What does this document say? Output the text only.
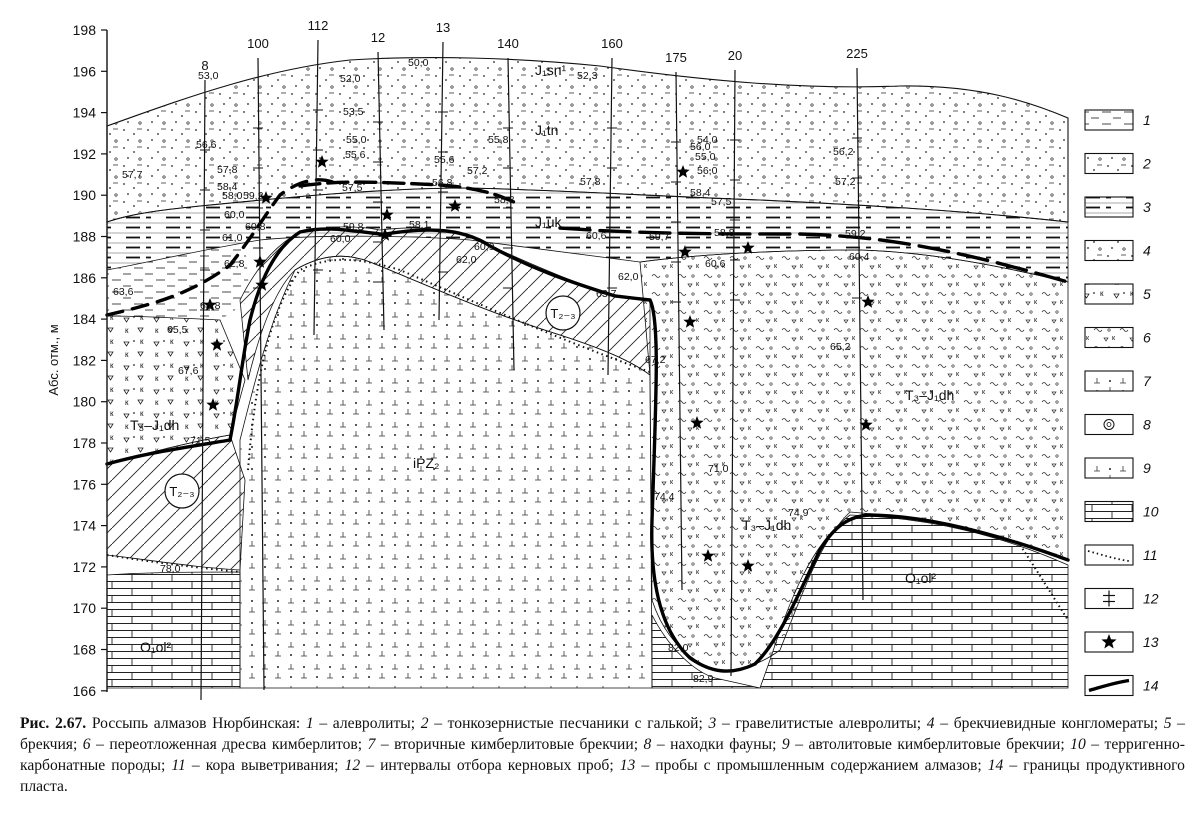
8
100
112
12
13
140	160
175	20	225
198
196
194
192
190
188
186
184
182
180
178
176
174
172
170
168
166
Абс. отм., м
J₁sn¹
J₁tn
J₁uk
iPZ₂
T₃–J₁dh
T₃–J₁dh
T₃–J₁dh
O₁ol²
O₁ol²
T₂₋₃
T₂₋₃
53,0	52,0
50,0
52,3
53,5
55,0	54,0
56,6
55,6	55,6
55,8
56,0
55,0	56,2
57,7	57,8
58,0
57,2
57,8
56,0
58,4	57,5	56,8	57,2
58,4
59,2	58,8	57,5
60,0
59,8	58,1
60,6	59,7	58,8	59,2
61,0
60,8
60,0
60,9
60,6
62,8	62,0
62,0
60,4
63,6	63,7
64,8
65,5
65,2
67,2
67,6
71,5
71,0
74,4
74,9
78,0
82,0
82,9
1
2
3
4
5
6
7
8
9
10
11
12
13
14
Рис. 2.67. Россыпь алмазов Нюрбинская: 1 – алевролиты; 2 – тонкозернистые песчаники с галькой; 3 – гравелитистые алевролиты; 4 – брекчиевидные конгломераты; 5 – брекчия; 6 – переотложенная дресва кимберлитов; 7 – вторичные кимберлитовые брекчии; 8 – находки фауны; 9 – автолитовые кимберлитовые брекчии; 10 – терригенно-карбонатные породы; 11 – кора выветривания; 12 – интервалы отбора керновых проб; 13 – пробы с промышленным содержанием алмазов; 14 – границы продуктивного пласта.
